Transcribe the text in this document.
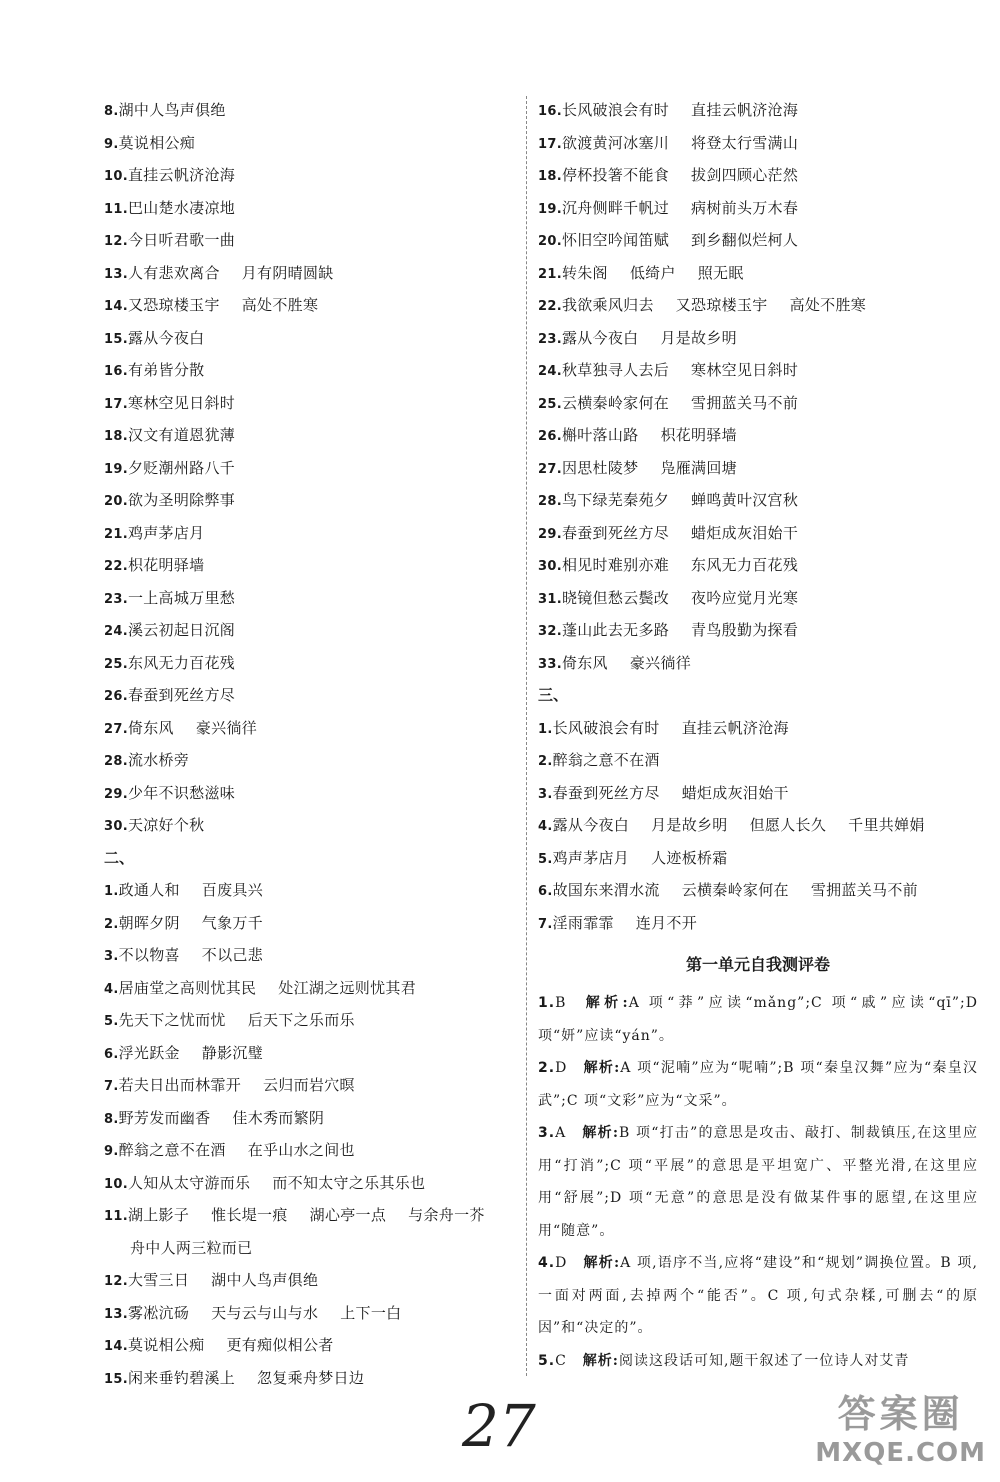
8.湖中人鸟声俱绝
9.莫说相公痴
10.直挂云帆济沧海
11.巴山楚水凄凉地
12.今日听君歌一曲
13.人有悲欢离合 月有阴晴圆缺
14.又恐琼楼玉宇 高处不胜寒
15.露从今夜白
16.有弟皆分散
17.寒林空见日斜时
18.汉文有道恩犹薄
19.夕贬潮州路八千
20.欲为圣明除弊事
21.鸡声茅店月
22.枳花明驿墙
23.一上高城万里愁
24.溪云初起日沉阁
25.东风无力百花残
26.春蚕到死丝方尽
27.倚东风 豪兴徜徉
28.流水桥旁
29.少年不识愁滋味
30.天凉好个秋
二、
1.政通人和 百废具兴
2.朝晖夕阴 气象万千
3.不以物喜 不以己悲
4.居庙堂之高则忧其民 处江湖之远则忧其君
5.先天下之忧而忧 后天下之乐而乐
6.浮光跃金 静影沉璧
7.若夫日出而林霏开 云归而岩穴暝
8.野芳发而幽香 佳木秀而繁阴
9.醉翁之意不在酒 在乎山水之间也
10.人知从太守游而乐 而不知太守之乐其乐也
11.湖上影子 惟长堤一痕 湖心亭一点 与余舟一芥
舟中人两三粒而已
12.大雪三日 湖中人鸟声俱绝
13.雾凇沆砀 天与云与山与水 上下一白
14.莫说相公痴 更有痴似相公者
15.闲来垂钓碧溪上 忽复乘舟梦日边
16.长风破浪会有时 直挂云帆济沧海
17.欲渡黄河冰塞川 将登太行雪满山
18.停杯投箸不能食 拔剑四顾心茫然
19.沉舟侧畔千帆过 病树前头万木春
20.怀旧空吟闻笛赋 到乡翻似烂柯人
21.转朱阁 低绮户 照无眠
22.我欲乘风归去 又恐琼楼玉宇 高处不胜寒
23.露从今夜白 月是故乡明
24.秋草独寻人去后 寒林空见日斜时
25.云横秦岭家何在 雪拥蓝关马不前
26.槲叶落山路 枳花明驿墙
27.因思杜陵梦 凫雁满回塘
28.鸟下绿芜秦苑夕 蝉鸣黄叶汉宫秋
29.春蚕到死丝方尽 蜡炬成灰泪始干
30.相见时难别亦难 东风无力百花残
31.晓镜但愁云鬓改 夜吟应觉月光寒
32.蓬山此去无多路 青鸟殷勤为探看
33.倚东风 豪兴徜徉
三、
1.长风破浪会有时 直挂云帆济沧海
2.醉翁之意不在酒
3.春蚕到死丝方尽 蜡炬成灰泪始干
4.露从今夜白 月是故乡明 但愿人长久 千里共婵娟
5.鸡声茅店月 人迹板桥霜
6.故国东来渭水流 云横秦岭家何在 雪拥蓝关马不前
7.淫雨霏霏 连月不开
第一单元自我测评卷
1.B 解析:A 项“莽”应读“mǎng”;C 项“戚”应读“qī”;D 项“妍”应读“yán”。
2.D 解析:A 项“泥喃”应为“呢喃”;B 项“秦皇汉舞”应为“秦皇汉武”;C 项“文彩”应为“文采”。
3.A 解析:B 项“打击”的意思是攻击、敲打、制裁镇压,在这里应用“打消”;C 项“平展”的意思是平坦宽广、平整光滑,在这里应用“舒展”;D 项“无意”的意思是没有做某件事的愿望,在这里应用“随意”。
4.D 解析:A 项,语序不当,应将“建设”和“规划”调换位置。B 项,一面对两面,去掉两个“能否”。C 项,句式杂糅,可删去“的原因”和“决定的”。
5.C 解析:阅读这段话可知,题干叙述了一位诗人对艾青
27	答案圈
MXQE.COM
